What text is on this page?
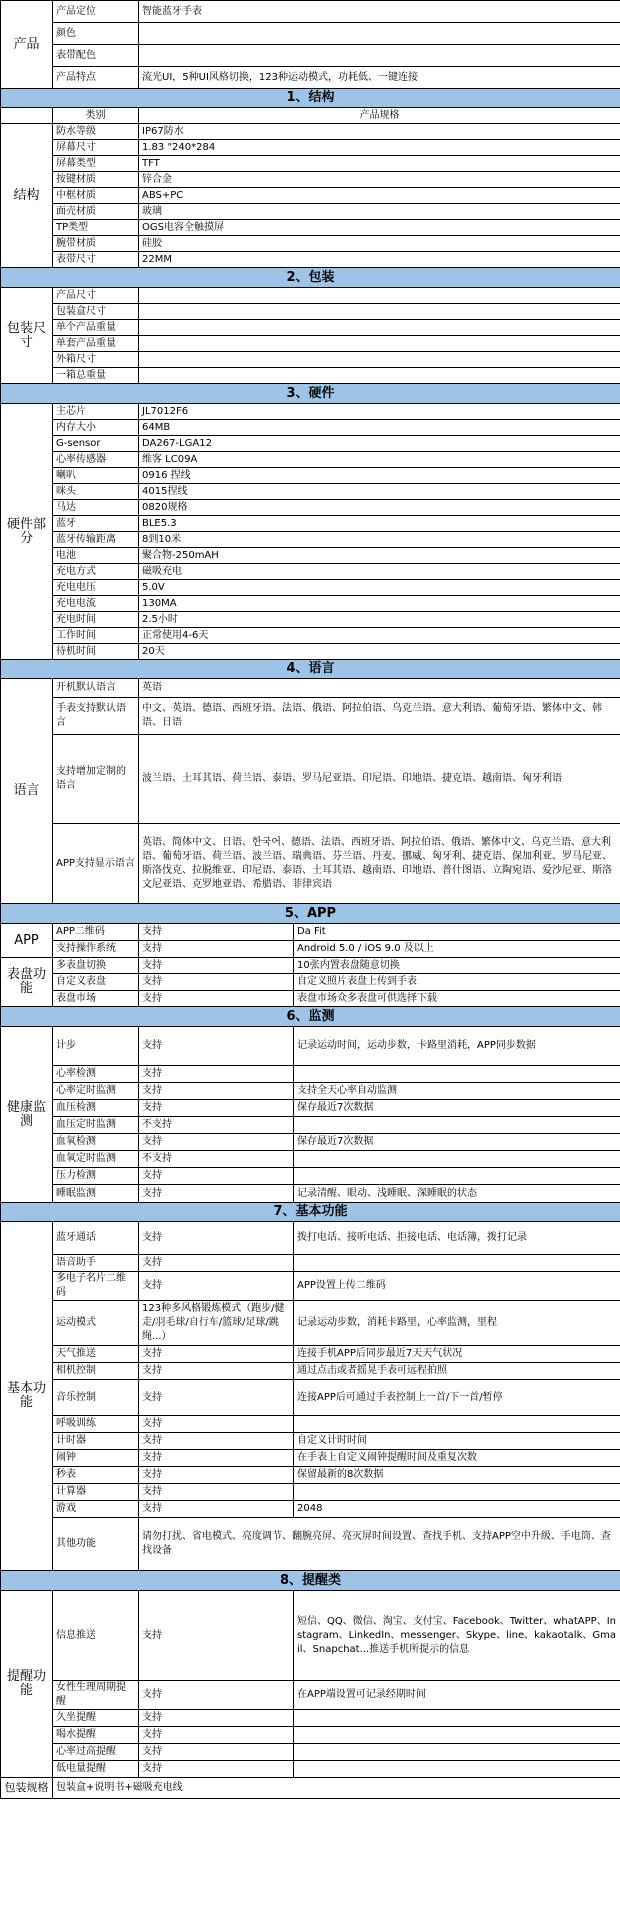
产品	产品定位	智能蓝牙手表	
	颜色		
	表带配色		
	产品特点	流光UI，5种UI风格切换，123种运动模式，功耗低、一键连接	
1、结构			
	类别	产品规格	
结构	防水等级	IP67防水	
	屏幕尺寸	1.83 "240*284	
	屏幕类型	TFT	
	按键材质	锌合金	
	中框材质	ABS+PC	
	面壳材质	玻璃	
	TP类型	OGS电容全触摸屏	
	腕带材质	硅胶	
	表带尺寸	22MM	
2、包装			
包装尺寸	产品尺寸		
	包装盒尺寸		
	单个产品重量		
	单套产品重量		
	外箱尺寸		
	一箱总重量		
3、硬件			
硬件部分	主芯片	JL7012F6	
	内存大小	64MB	
	G-sensor	DA267-LGA12	
	心率传感器	维客 LC09A	
	喇叭	0916 捏线	
	咪头	4015捏线	
	马达	0820规格	
	蓝牙	BLE5.3	
	蓝牙传输距离	8到10米	
	电池	聚合物-250mAH	
	充电方式	磁吸充电	
	充电电压	5.0V	
	充电电流	130MA	
	充电时间	2.5小时	
	工作时间	正常使用4-6天	
	待机时间	20天	
4、语言			
语言	开机默认语言	英语	
	手表支持默认语言	中文、英语、德语、西班牙语、法语、俄语、阿拉伯语、乌克兰语、意大利语、葡萄牙语、繁体中文、韩语、日语	
	支持增加定制的语言	波兰语、土耳其语、荷兰语、泰语、罗马尼亚语、印尼语、印地语、捷克语、越南语、匈牙利语	
	APP支持显示语言	英语、简体中文、日语、한국어、德语、法语、西班牙语、阿拉伯语、俄语、繁体中文、乌克兰语、意大利语、葡萄牙语、荷兰语、波兰语、瑞典语、芬兰语、丹麦、挪威、匈牙利、捷克语、保加利亚、罗马尼亚、斯洛伐克、拉脱维亚、印尼语、泰语、土耳其语、越南语、印地语、普什图语、立陶宛语、爱沙尼亚、斯洛文尼亚语、克罗地亚语、希腊语、菲律宾语	
5、APP			
APP	APP二维码	支持	Da Fit
	支持操作系统	支持	Android 5.0 / iOS 9.0 及以上
表盘功能	多表盘切换	支持	10张内置表盘随意切换
	自定义表盘	支持	自定义照片表盘上传到手表
	表盘市场	支持	表盘市场众多表盘可供选择下载
6、监测			
健康监测	计步	支持	记录运动时间，运动步数，卡路里消耗，APP同步数据
	心率检测	支持	
	心率定时监测	支持	支持全天心率自动监测
	血压检测	支持	保存最近7次数据
	血压定时监测	不支持	
	血氧检测	支持	保存最近7次数据
	血氧定时监测	不支持	
	压力检测	支持	
	睡眠监测	支持	记录清醒、眼动、浅睡眠、深睡眠的状态
7、基本功能			
基本功能	蓝牙通话	支持	拨打电话、接听电话、拒接电话、电话簿，拨打记录
	语音助手	支持	
	多电子名片二维码	支持	APP设置上传二维码
	运动模式	123种多风格锻炼模式（跑步/健走/羽毛球/自行车/篮球/足球/跳绳...）	记录运动步数，消耗卡路里，心率监测，里程
	天气推送	支持	连接手机APP后同步最近7天天气状况
	相机控制	支持	通过点击或者摇晃手表可远程拍照
	音乐控制	支持	连接APP后可通过手表控制上一首/下一首/暂停
	呼吸训练	支持	
	计时器	支持	自定义计时时间
	闹钟	支持	在手表上自定义闹钟提醒时间及重复次数
	秒表	支持	保留最新的8次数据
	计算器	支持	
	游戏	支持	2048
	其他功能	请勿打扰、省电模式、亮度调节、翻腕亮屏、亮灭屏时间设置、查找手机、支持APP空中升级、手电筒、查找设备	
8、提醒类			
提醒功能	信息推送	支持	短信、QQ、微信、淘宝、支付宝、Facebook、Twitter、whatAPP、Instagram、LinkedIn、messenger、Skype、line、kakaotalk、Gmail、Snapchat...推送手机所提示的信息
	女性生理周期提醒	支持	在APP端设置可记录经期时间
	久坐提醒	支持	
	喝水提醒	支持	
	心率过高提醒	支持	
	低电量提醒	支持	
包装规格	包装盒+说明书+磁吸充电线		
